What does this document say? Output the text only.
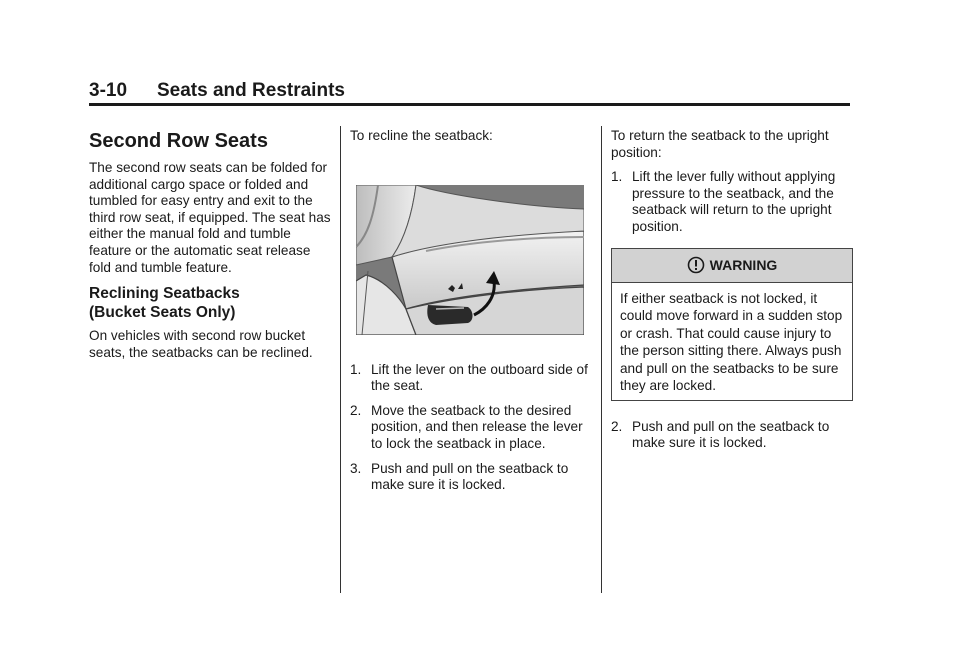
3-10 Seats and Restraints
Second Row Seats

The second row seats can be folded for additional cargo space or folded and tumbled for easy entry and exit to the third row seat, if equipped. The seat has either the manual fold and tumble feature or the automatic seat release fold and tumble feature.

Reclining Seatbacks
(Bucket Seats Only)

On vehicles with second row bucket seats, the seatbacks can be reclined.

To recline the seatback:

1. Lift the lever on the outboard side of the seat.
2. Move the seatback to the desired position, and then release the lever to lock the seatback in place.
3. Push and pull on the seatback to make sure it is locked.

To return the seatback to the upright position:

1. Lift the lever fully without applying pressure to the seatback, and the seatback will return to the upright position.
WARNING
If either seatback is not locked, it could move forward in a sudden stop or crash. That could cause injury to the person sitting there. Always push and pull on the seatbacks to be sure they are locked.
2. Push and pull on the seatback to make sure it is locked.
